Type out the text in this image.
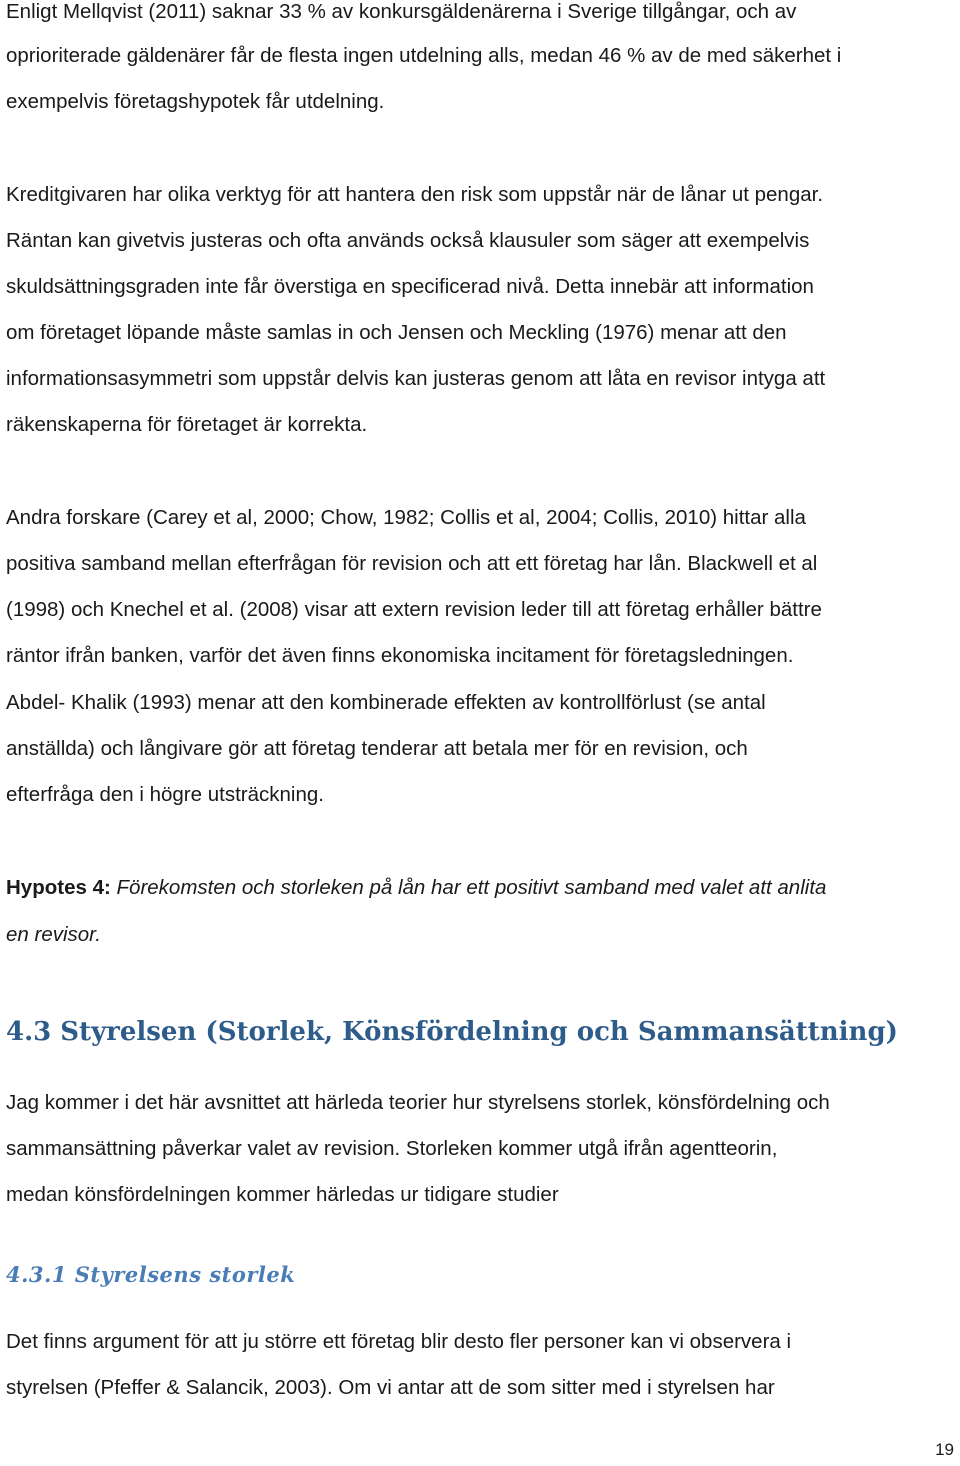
Enligt Mellqvist (2011) saknar 33 % av konkursgäldenärerna i Sverige tillgångar, och av

oprioriterade gäldenärer får de flesta ingen utdelning alls, medan 46 % av de med säkerhet i

exempelvis företagshypotek får utdelning.

Kreditgivaren har olika verktyg för att hantera den risk som uppstår när de lånar ut pengar.

Räntan kan givetvis justeras och ofta används också klausuler som säger att exempelvis

skuldsättningsgraden inte får överstiga en specificerad nivå. Detta innebär att information

om företaget löpande måste samlas in och Jensen och Meckling (1976) menar att den

informationsasymmetri som uppstår delvis kan justeras genom att låta en revisor intyga att

räkenskaperna för företaget är korrekta.

Andra forskare (Carey et al, 2000; Chow, 1982; Collis et al, 2004; Collis, 2010) hittar alla

positiva samband mellan efterfrågan för revision och att ett företag har lån. Blackwell et al

(1998) och Knechel et al. (2008) visar att extern revision leder till att företag erhåller bättre

räntor ifrån banken, varför det även finns ekonomiska incitament för företagsledningen.

Abdel- Khalik (1993) menar att den kombinerade effekten av kontrollförlust (se antal

anställda) och långivare gör att företag tenderar att betala mer för en revision, och

efterfråga den i högre utsträckning.

Hypotes 4: Förekomsten och storleken på lån har ett positivt samband med valet att anlita

en revisor.

4.3 Styrelsen (Storlek, Könsfördelning och Sammansättning)

Jag kommer i det här avsnittet att härleda teorier hur styrelsens storlek, könsfördelning och

sammansättning påverkar valet av revision. Storleken kommer utgå ifrån agentteorin,

medan könsfördelningen kommer härledas ur tidigare studier

4.3.1 Styrelsens storlek

Det finns argument för att ju större ett företag blir desto fler personer kan vi observera i

styrelsen (Pfeffer & Salancik, 2003). Om vi antar att de som sitter med i styrelsen har

19
